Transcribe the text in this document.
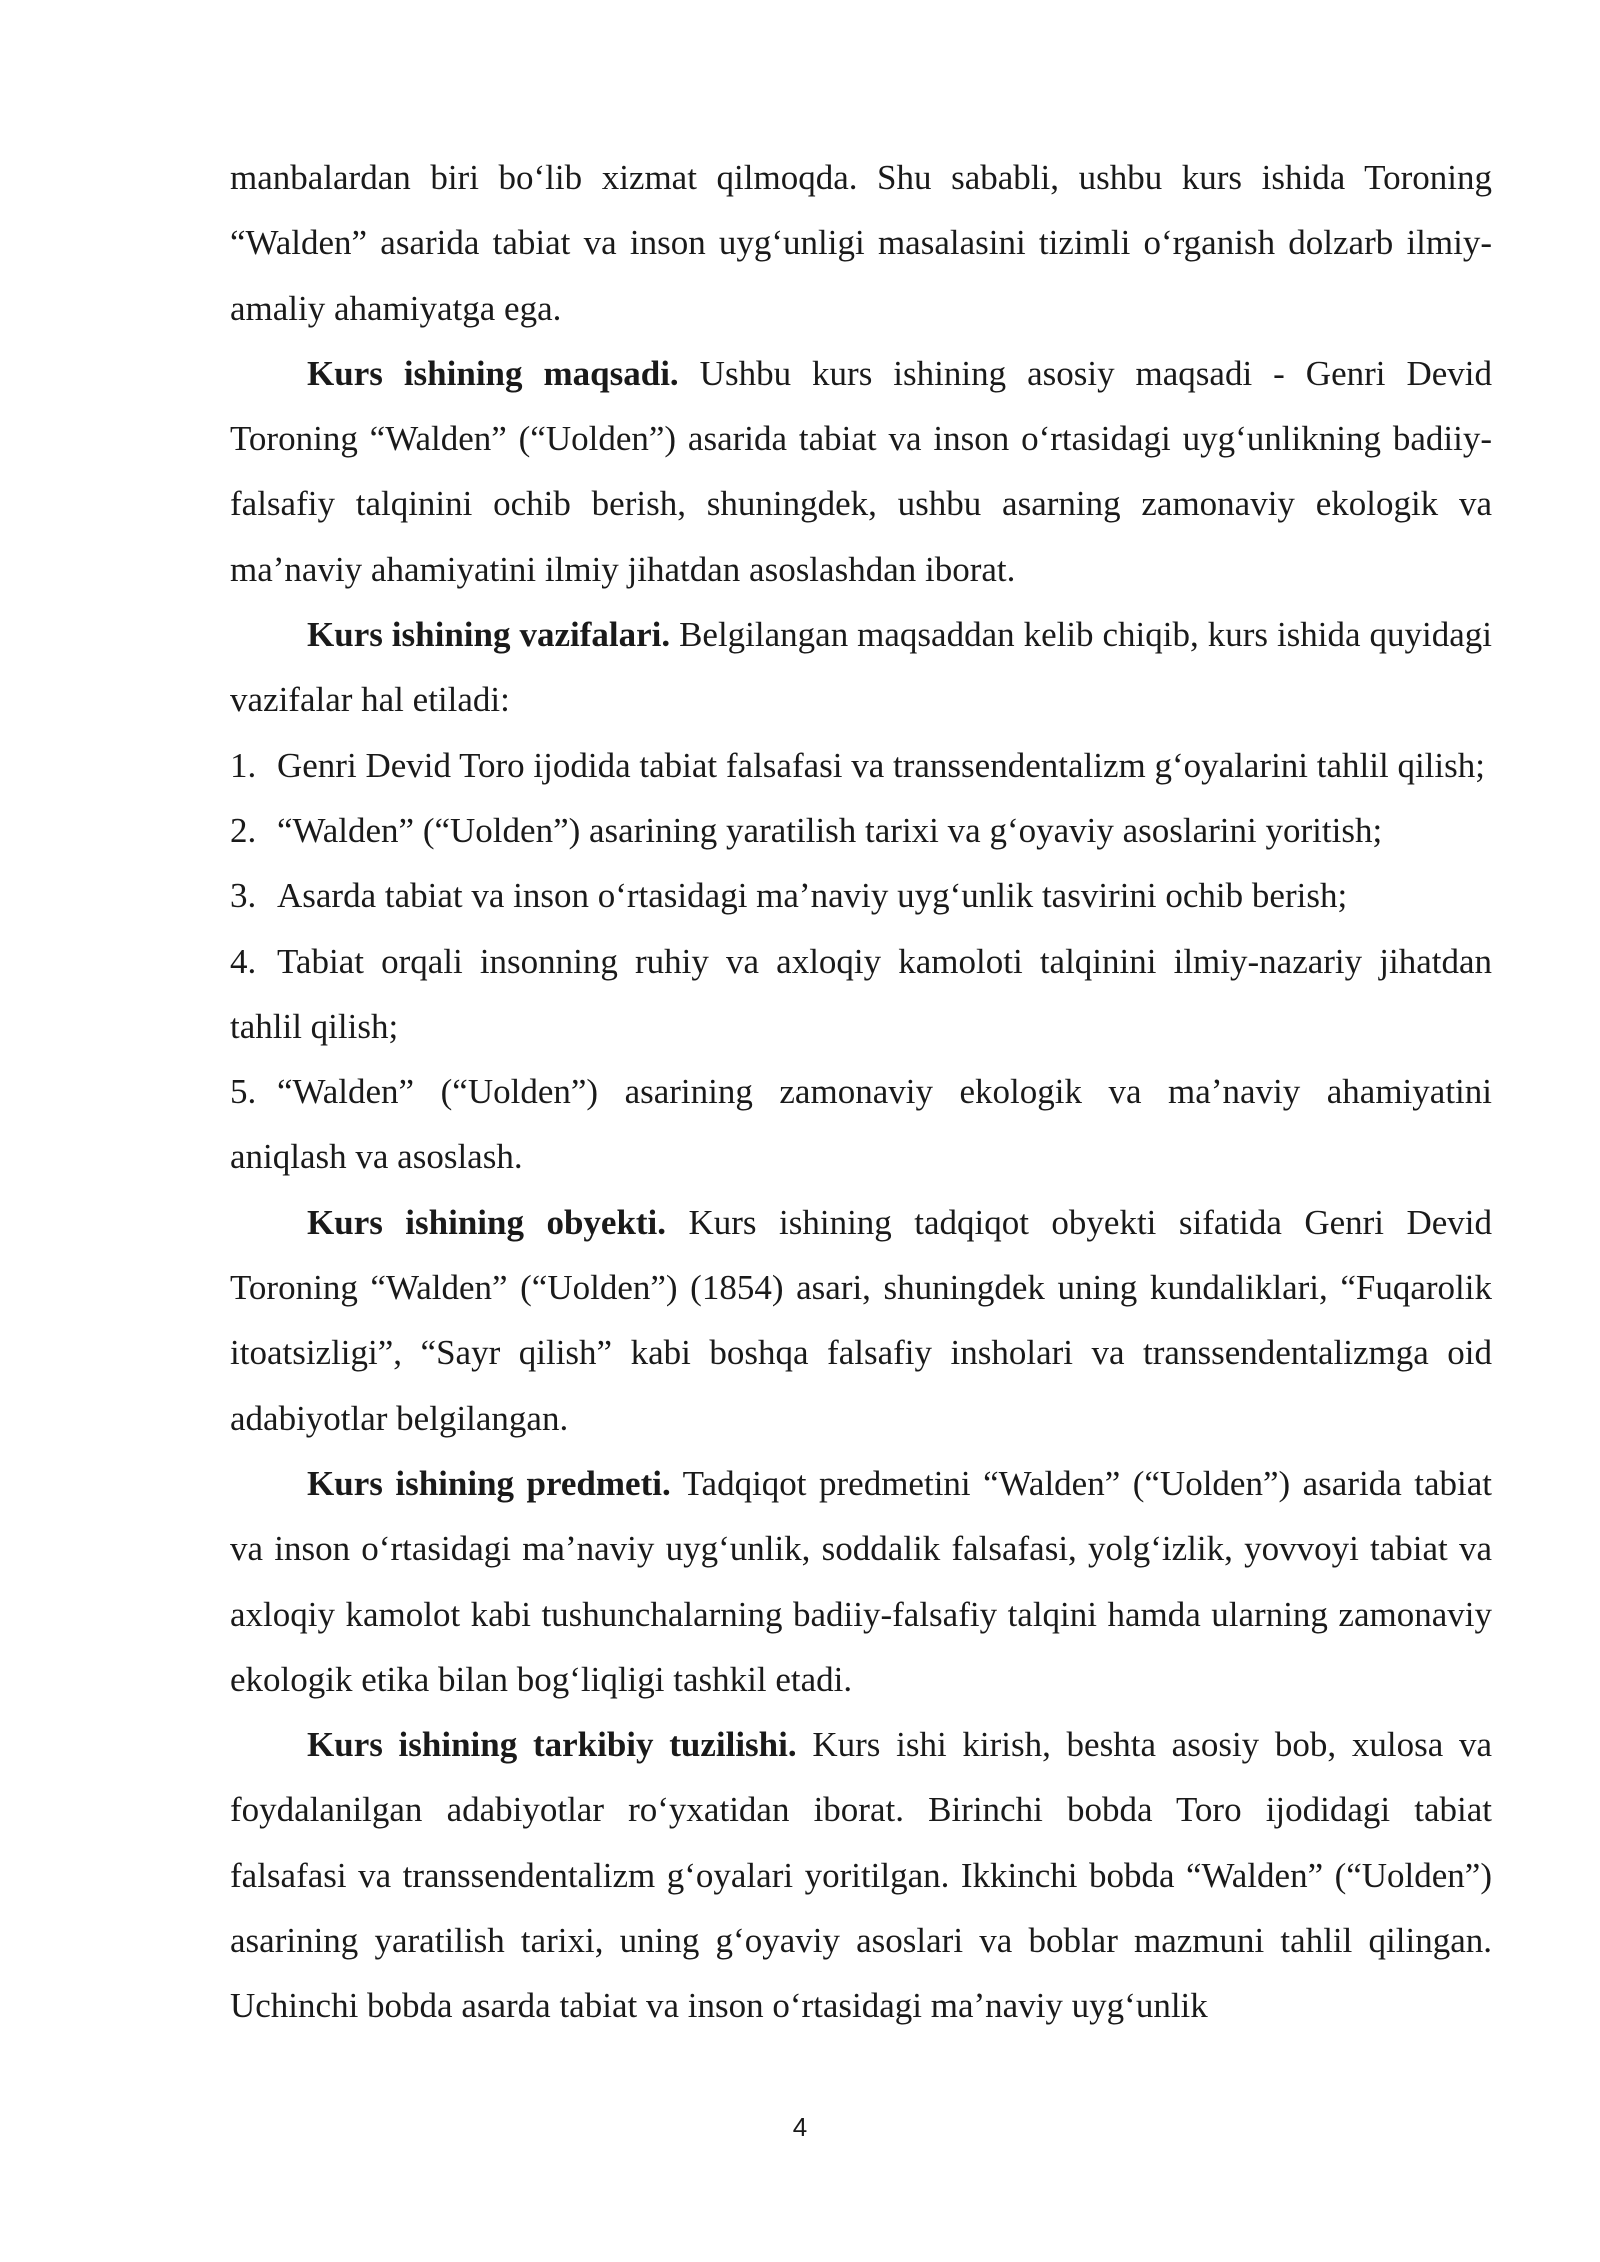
manbalardan biri boʻlib xizmat qilmoqda. Shu sababli, ushbu kurs ishida Toroning “Walden” asarida tabiat va inson uygʻunligi masalasini tizimli oʻrganish dolzarb ilmiy-amaliy ahamiyatga ega.

Kurs ishining maqsadi. Ushbu kurs ishining asosiy maqsadi - Genri Devid Toroning “Walden” (“Uolden”) asarida tabiat va inson oʻrtasidagi uygʻunlikning badiiy-falsafiy talqinini ochib berish, shuningdek, ushbu asarning zamonaviy ekologik va maʼnaviy ahamiyatini ilmiy jihatdan asoslashdan iborat.

Kurs ishining vazifalari. Belgilangan maqsaddan kelib chiqib, kurs ishida quyidagi vazifalar hal etiladi:

1. Genri Devid Toro ijodida tabiat falsafasi va transsendentalizm gʻoyalarini tahlil qilish;

2. “Walden” (“Uolden”) asarining yaratilish tarixi va gʻoyaviy asoslarini yoritish;

3. Asarda tabiat va inson oʻrtasidagi maʼnaviy uygʻunlik tasvirini ochib berish;

4. Tabiat orqali insonning ruhiy va axloqiy kamoloti talqinini ilmiy-nazariy jihatdan tahlil qilish;

5. “Walden” (“Uolden”) asarining zamonaviy ekologik va maʼnaviy ahamiyatini aniqlash va asoslash.

Kurs ishining obyekti. Kurs ishining tadqiqot obyekti sifatida Genri Devid Toroning “Walden” (“Uolden”) (1854) asari, shuningdek uning kundaliklari, “Fuqarolik itoatsizligi”, “Sayr qilish” kabi boshqa falsafiy insholari va transsendentalizmga oid adabiyotlar belgilangan.

Kurs ishining predmeti. Tadqiqot predmetini “Walden” (“Uolden”) asarida tabiat va inson oʻrtasidagi maʼnaviy uygʻunlik, soddalik falsafasi, yolgʻizlik, yovvoyi tabiat va axloqiy kamolot kabi tushunchalarning badiiy-falsafiy talqini hamda ularning zamonaviy ekologik etika bilan bogʻliqligi tashkil etadi.

Kurs ishining tarkibiy tuzilishi. Kurs ishi kirish, beshta asosiy bob, xulosa va foydalanilgan adabiyotlar roʻyxatidan iborat. Birinchi bobda Toro ijodidagi tabiat falsafasi va transsendentalizm gʻoyalari yoritilgan. Ikkinchi bobda “Walden” (“Uolden”) asarining yaratilish tarixi, uning gʻoyaviy asoslari va boblar mazmuni tahlil qilingan. Uchinchi bobda asarda tabiat va inson oʻrtasidagi maʼnaviy uygʻunlik

4
